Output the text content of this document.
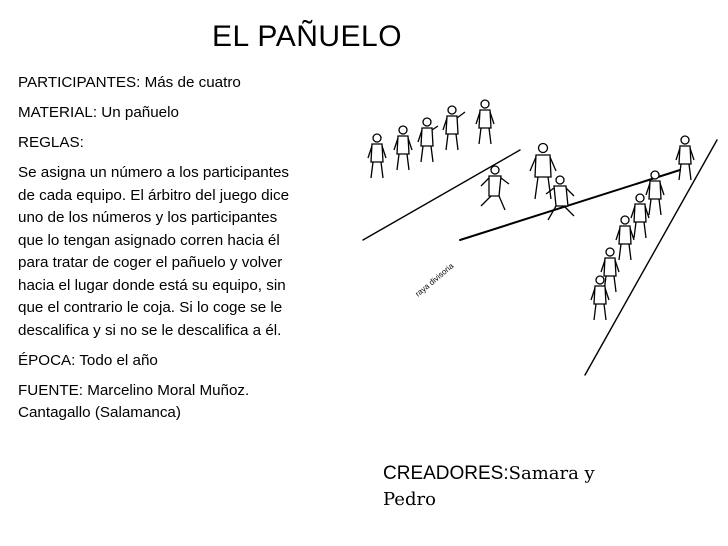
EL PAÑUELO

PARTICIPANTES: Más de cuatro

MATERIAL: Un pañuelo

REGLAS:

Se asigna un número a los participantes
de cada equipo. El árbitro del juego dice
uno de los números y los participantes
que lo tengan asignado corren hacia él
para tratar de coger el pañuelo y volver
hacia el lugar donde está su equipo, sin
que el contrario le coja. Si lo coge se le
descalifica y si no se le descalifica a él.

ÉPOCA: Todo el año

FUENTE: Marcelino Moral Muñoz.
Cantagallo (Salamanca)

raya divisoria
CREADORES:Samara y
Pedro
